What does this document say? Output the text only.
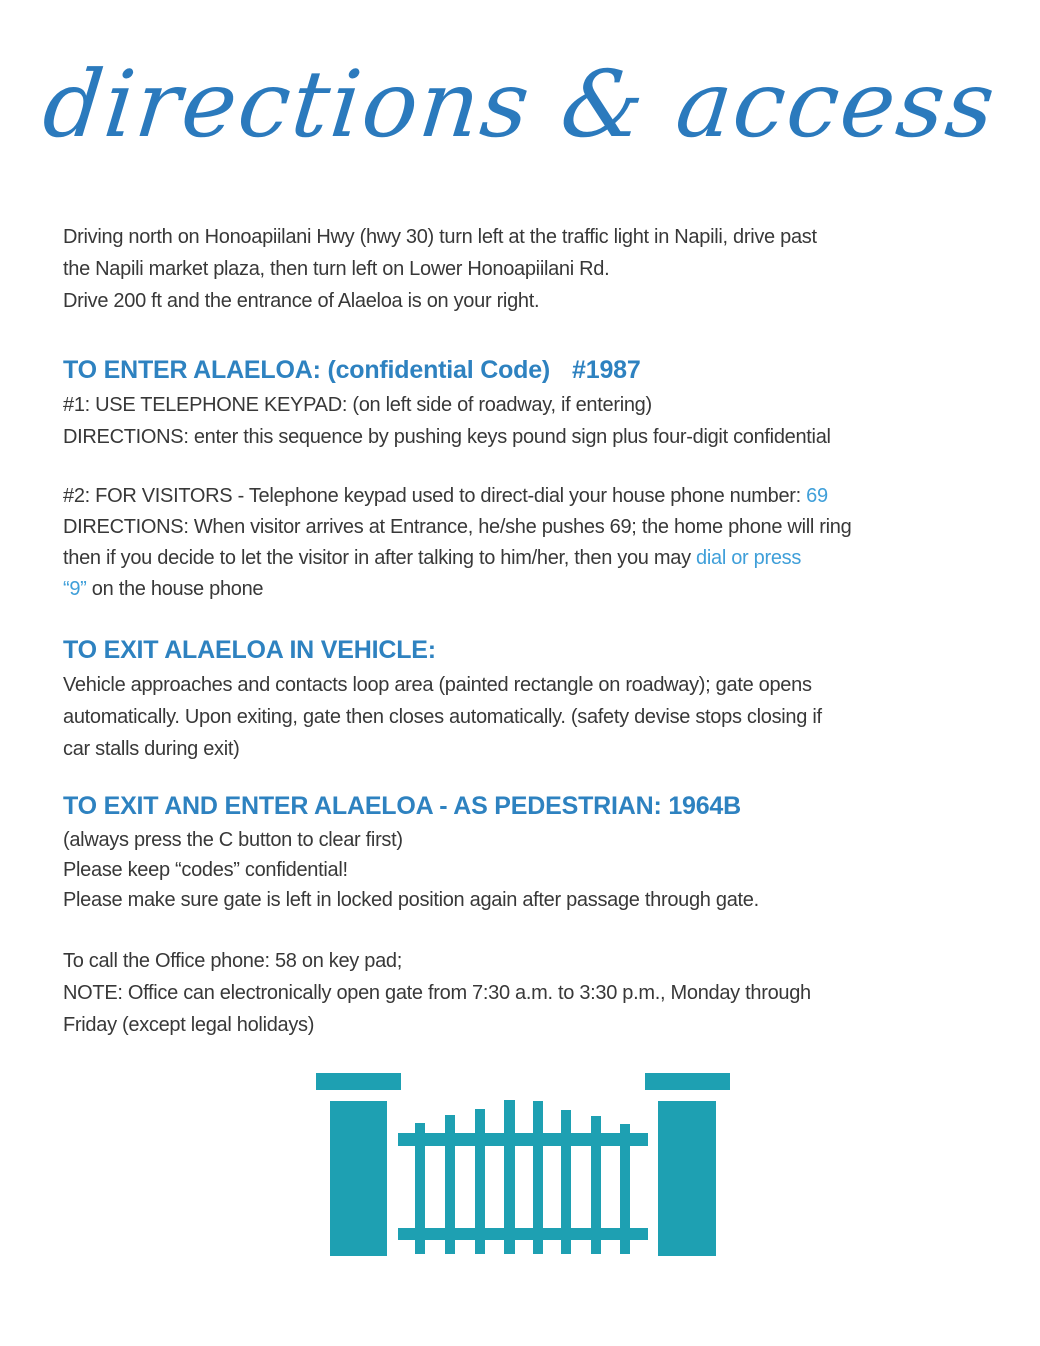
directions & access
Driving north on Honoapiilani Hwy (hwy 30) turn left at the traffic light in Napili, drive past
the Napili market plaza, then turn left on Lower Honoapiilani Rd.
Drive 200 ft and the entrance of Alaeloa is on your right.
TO ENTER ALAELOA: (confidential Code) #1987
#1: USE TELEPHONE KEYPAD: (on left side of roadway, if entering)
DIRECTIONS: enter this sequence by pushing keys pound sign plus four-digit confidential
#2: FOR VISITORS - Telephone keypad used to direct-dial your house phone number: 69
DIRECTIONS: When visitor arrives at Entrance, he/she pushes 69; the home phone will ring
then if you decide to let the visitor in after talking to him/her, then you may dial or press
“9” on the house phone
TO EXIT ALAELOA IN VEHICLE:
Vehicle approaches and contacts loop area (painted rectangle on roadway); gate opens
automatically. Upon exiting, gate then closes automatically. (safety devise stops closing if
car stalls during exit)
TO EXIT AND ENTER ALAELOA - AS PEDESTRIAN: 1964B
(always press the C button to clear first)
Please keep “codes” confidential!
Please make sure gate is left in locked position again after passage through gate.
To call the Office phone: 58 on key pad;
NOTE: Office can electronically open gate from 7:30 a.m. to 3:30 p.m., Monday through
Friday (except legal holidays)
